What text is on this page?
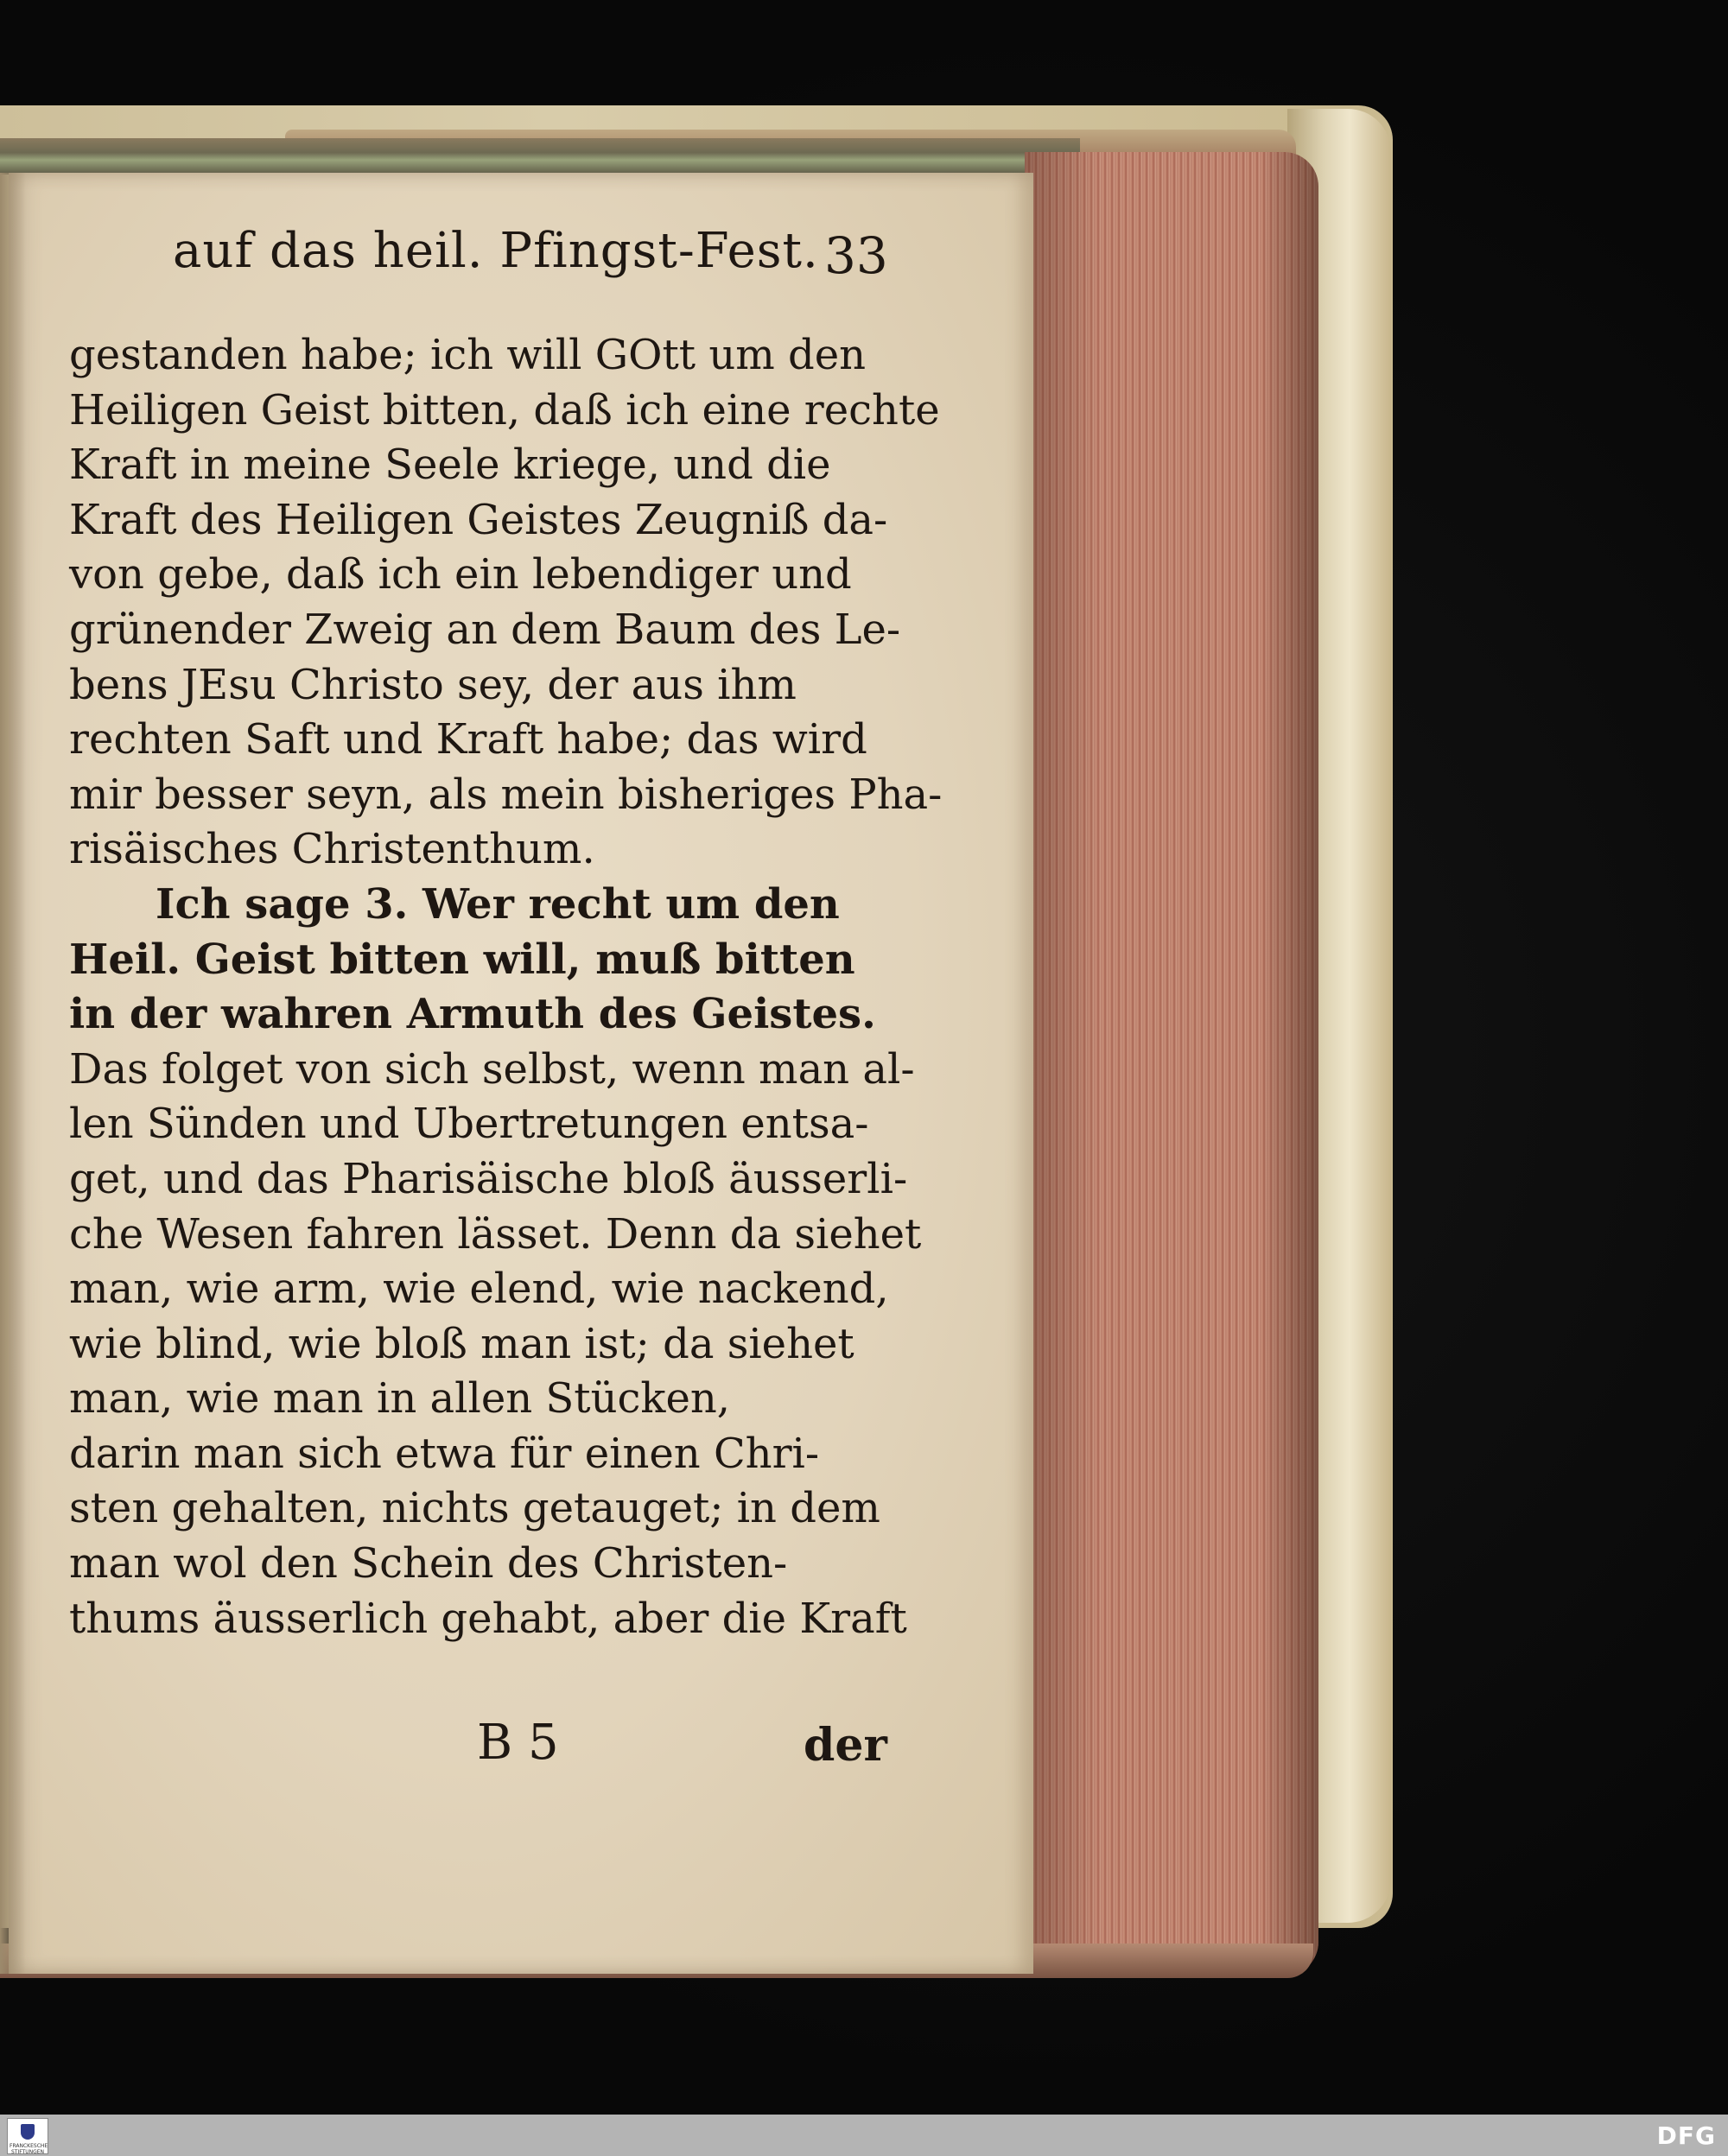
auf das heil. Pfingst-Fest. 33
gestanden habe; ich will GOtt um den
Heiligen Geist bitten, daß ich eine rechte
Kraft in meine Seele kriege, und die
Kraft des Heiligen Geistes Zeugniß da-
von gebe, daß ich ein lebendiger und
grünender Zweig an dem Baum des Le-
bens JEsu Christo sey, der aus ihm
rechten Saft und Kraft habe; das wird
mir besser seyn, als mein bisheriges Pha-
risäisches Christenthum.
Ich sage 3. Wer recht um den
Heil. Geist bitten will, muß bitten
in der wahren Armuth des Geistes.
Das folget von sich selbst, wenn man al-
len Sünden und Ubertretungen entsa-
get, und das Pharisäische bloß äusserli-
che Wesen fahren lässet. Denn da siehet
man, wie arm, wie elend, wie nackend,
wie blind, wie bloß man ist; da siehet
man, wie man in allen Stücken,
darin man sich etwa für einen Chri-
sten gehalten, nichts getauget; in dem
man wol den Schein des Christen-
thums äusserlich gehabt, aber die Kraft
B 5	der
FRANCKESCHE STIFTUNGEN
DFG
